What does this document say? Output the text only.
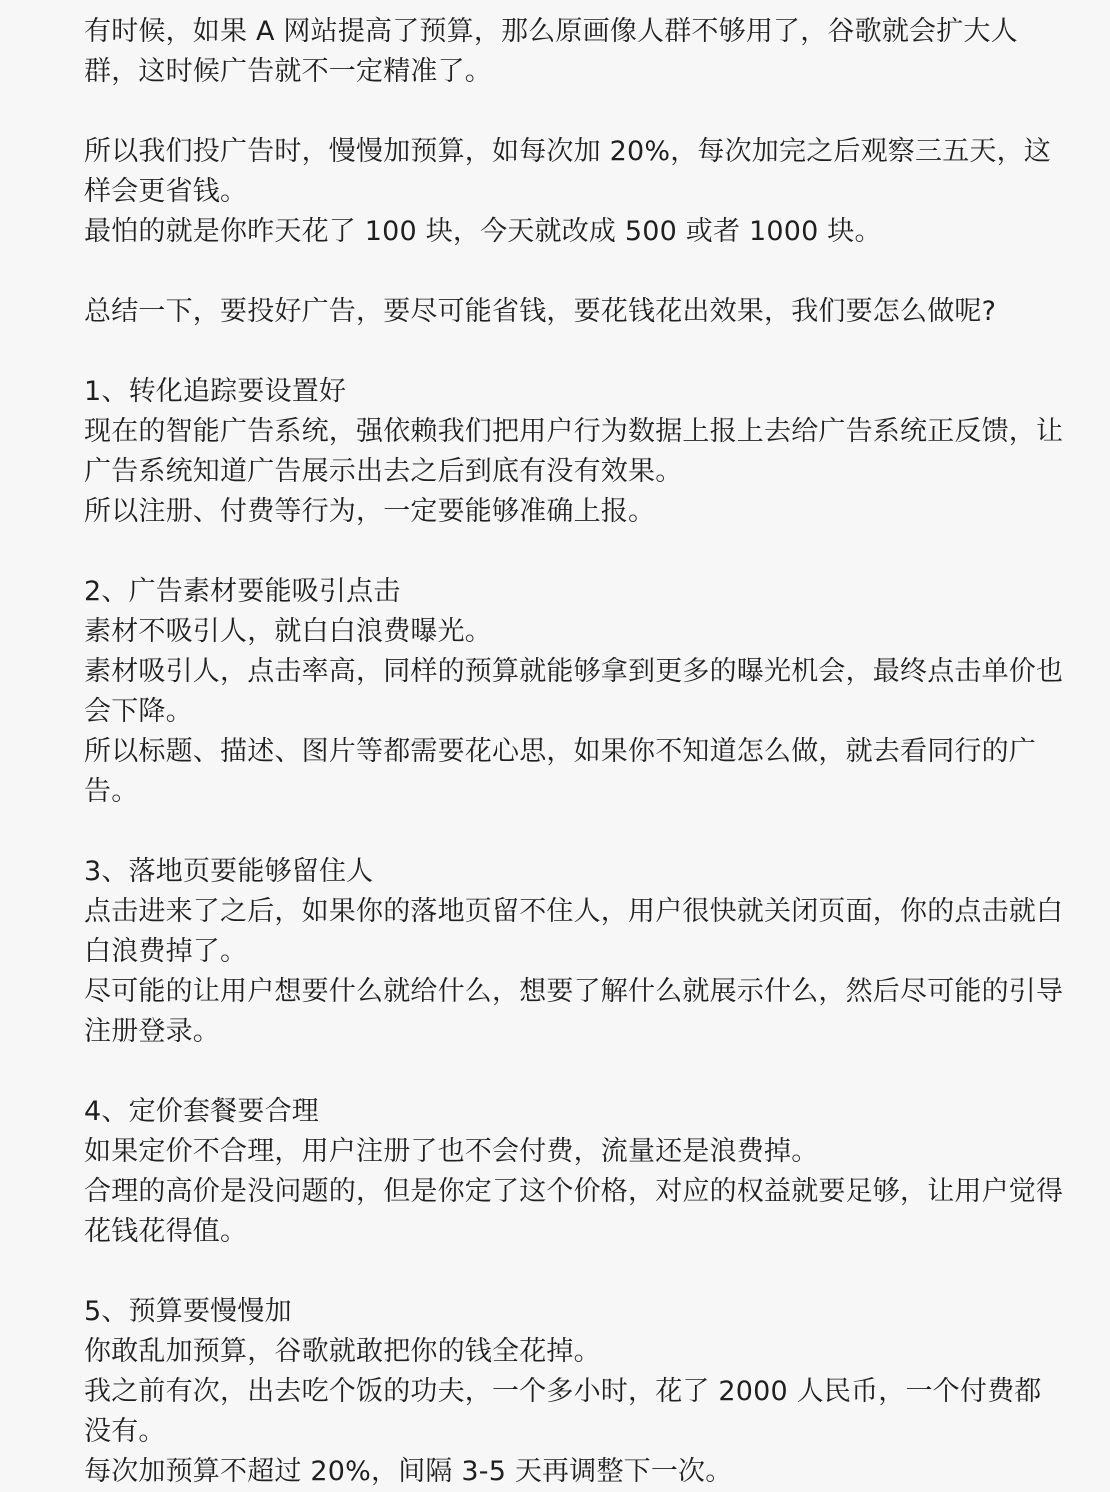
有时候，如果 A 网站提高了预算，那么原画像人群不够用了，谷歌就会扩大人
群，这时候广告就不一定精准了。
所以我们投广告时，慢慢加预算，如每次加 20%，每次加完之后观察三五天，这
样会更省钱。
最怕的就是你昨天花了 100 块，今天就改成 500 或者 1000 块。
总结一下，要投好广告，要尽可能省钱，要花钱花出效果，我们要怎么做呢?
1、转化追踪要设置好
现在的智能广告系统，强依赖我们把用户行为数据上报上去给广告系统正反馈，让
广告系统知道广告展示出去之后到底有没有效果。
所以注册、付费等行为，一定要能够准确上报。
2、广告素材要能吸引点击
素材不吸引人，就白白浪费曝光。
素材吸引人，点击率高，同样的预算就能够拿到更多的曝光机会，最终点击单价也
会下降。
所以标题、描述、图片等都需要花心思，如果你不知道怎么做，就去看同行的广
告。
3、落地页要能够留住人
点击进来了之后，如果你的落地页留不住人，用户很快就关闭页面，你的点击就白
白浪费掉了。
尽可能的让用户想要什么就给什么，想要了解什么就展示什么，然后尽可能的引导
注册登录。
4、定价套餐要合理
如果定价不合理，用户注册了也不会付费，流量还是浪费掉。
合理的高价是没问题的，但是你定了这个价格，对应的权益就要足够，让用户觉得
花钱花得值。
5、预算要慢慢加
你敢乱加预算，谷歌就敢把你的钱全花掉。
我之前有次，出去吃个饭的功夫，一个多小时，花了 2000 人民币，一个付费都
没有。
每次加预算不超过 20%，间隔 3-5 天再调整下一次。
